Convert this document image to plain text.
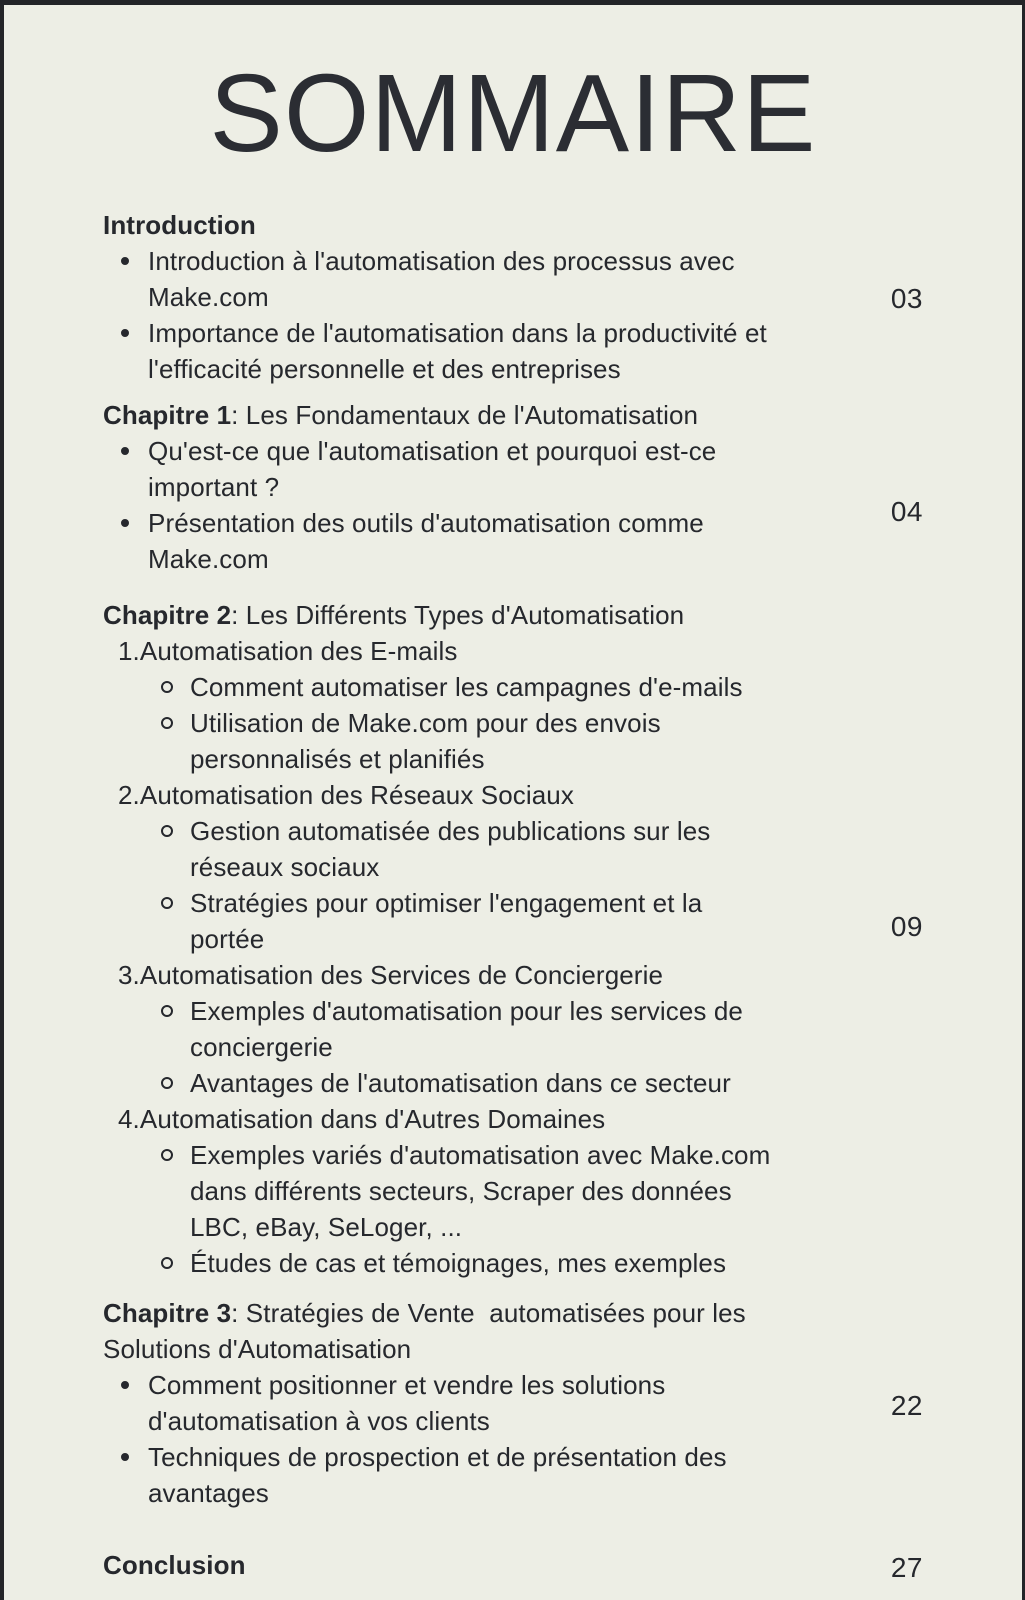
SOMMAIRE
Introduction
Introduction à l'automatisation des processus avec
Make.com
Importance de l'automatisation dans la productivité et
l'efficacité personnelle et des entreprises
Chapitre 1: Les Fondamentaux de l'Automatisation
Qu'est-ce que l'automatisation et pourquoi est-ce
important ?
Présentation des outils d'automatisation comme
Make.com
Chapitre 2: Les Différents Types d'Automatisation
1.Automatisation des E-mails
Comment automatiser les campagnes d'e-mails
Utilisation de Make.com pour des envois
personnalisés et planifiés
2.Automatisation des Réseaux Sociaux
Gestion automatisée des publications sur les
réseaux sociaux
Stratégies pour optimiser l'engagement et la
portée
3.Automatisation des Services de Conciergerie
Exemples d'automatisation pour les services de
conciergerie
Avantages de l'automatisation dans ce secteur
4.Automatisation dans d'Autres Domaines
Exemples variés d'automatisation avec Make.com
dans différents secteurs, Scraper des données
LBC, eBay, SeLoger, ...
Études de cas et témoignages, mes exemples
Chapitre 3: Stratégies de Vente  automatisées pour les
Solutions d'Automatisation
Comment positionner et vendre les solutions
d'automatisation à vos clients
Techniques de prospection et de présentation des
avantages
Conclusion
03
04
09
22
27
